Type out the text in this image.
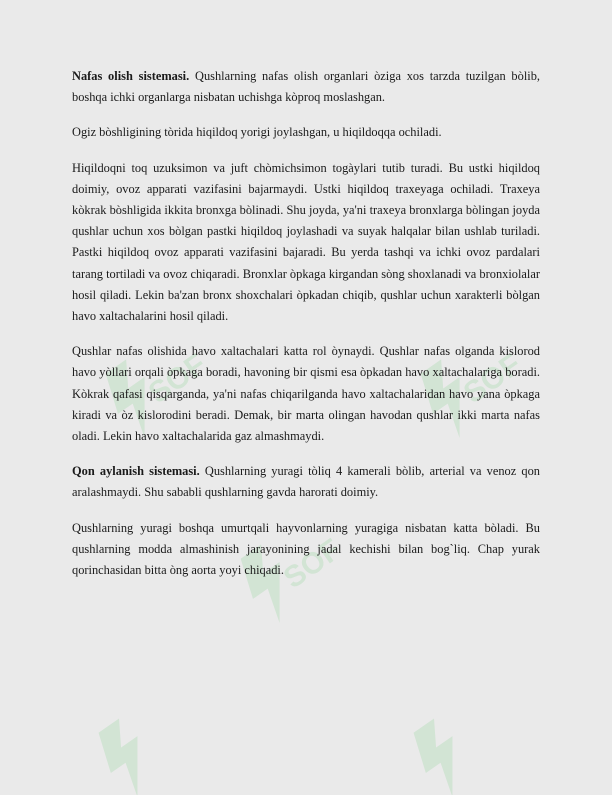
SOF	SOF
SOF

Nafas olish sistemasi. Qushlarning nafas olish organlari òziga xos tarzda tuzilgan bòlib, boshqa ichki organlarga nisbatan uchishga kòproq moslashgan.

Ogiz bòshligining tòrida hiqildoq yorigi joylashgan, u hiqildoqqa ochiladi.

Hiqildoqni toq uzuksimon va juft chòmichsimon togàylari tutib turadi. Bu ustki hiqildoq doimiy, ovoz apparati vazifasini bajarmaydi. Ustki hiqildoq traxeyaga ochiladi. Traxeya kòkrak bòshligida ikkita bronxga bòlinadi. Shu joyda, ya'ni traxeya bronxlarga bòlingan joyda qushlar uchun xos bòlgan pastki hiqildoq joylashadi va suyak halqalar bilan ushlab turiladi. Pastki hiqildoq ovoz apparati vazifasini bajaradi. Bu yerda tashqi va ichki ovoz pardalari tarang tortiladi va ovoz chiqaradi. Bronxlar òpkaga kirgandan sòng shoxlanadi va bronxiolalar hosil qiladi. Lekin ba'zan bronx shoxchalari òpkadan chiqib, qushlar uchun xarakterli bòlgan havo xaltachalarini hosil qiladi.

Qushlar nafas olishida havo xaltachalari katta rol òynaydi. Qushlar nafas olganda kislorod havo yòllari orqali òpkaga boradi, havoning bir qismi esa òpkadan havo xaltachalariga boradi. Kòkrak qafasi qisqarganda, ya'ni nafas chiqarilganda havo xaltachalaridan havo yana òpkaga kiradi va òz kislorodini beradi. Demak, bir marta olingan havodan qushlar ikki marta nafas oladi. Lekin havo xaltachalarida gaz almashmaydi.

Qon aylanish sistemasi. Qushlarning yuragi tòliq 4 kamerali bòlib, arterial va venoz qon aralashmaydi. Shu sababli qushlarning gavda harorati doimiy.

Qushlarning yuragi boshqa umurtqali hayvonlarning yuragiga nisbatan katta bòladi. Bu qushlarning modda almashinish jarayonining jadal kechishi bilan bog`liq. Chap yurak qorinchasidan bitta òng aorta yoyi chiqadi.
